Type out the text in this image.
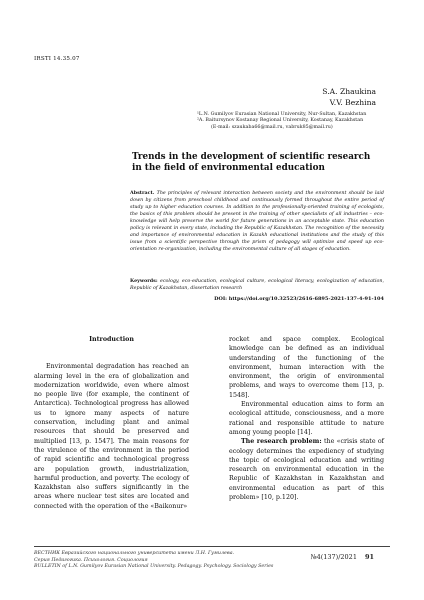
IRSTI 14.35.07
S.A. Zhaukina
V.V. Bezhina
¹L.N. Gumilyov Eurasian National University, Nur-Sultan, Kazakhstan
²A. Baitursynov Kostanay Regional University, Kostanay, Kazakhstan
(E-mail: szaukaba66@mail.ru, vabruk85@mail.ru)
Trends in the development of scientific research in the field of environmental education
Abstract. The principles of relevant interaction between society and the environment should be laid down by citizens from preschool childhood and continuously formed throughout the entire period of study up to higher education courses. In addition to the professionally-oriented training of ecologists, the basics of this problem should be present in the training of other specialists of all industries – eco-knowledge will help preserve the world for future generations in an acceptable state. This education policy is relevant in every state, including the Republic of Kazakhstan. The recognition of the necessity and importance of environmental education in Kazakh educational institutions and the study of this issue from a scientific perspective through the prism of pedagogy will optimize and speed up eco-orientation re-organization, including the environmental culture of all stages of education.
Keywords: ecology, eco-education, ecological culture, ecological literacy, ecologization of education, Republic of Kazakhstan, dissertation research
DOI: https://doi.org/10.32523/2616-6895-2021-137-4-91-104

Introduction

Environmental degradation has reached an alarming level in the era of globalization and modernization worldwide, even where almost no people live (for example, the continent of Antarctica). Technological progress has allowed us to ignore many aspects of nature conservation, including plant and animal resources that should be preserved and multiplied [13, p. 1547]. The main reasons for the virulence of the environment in the period of rapid scientific and technological progress are population growth, industrialization, harmful production, and poverty. The ecology of Kazakhstan also suffers significantly in the areas where nuclear test sites are located and connected with the operation of the «Baikonur»

rocket and space complex. Ecological knowledge can be defined as an individual understanding of the functioning of the environment, human interaction with the environment, the origin of environmental problems, and ways to overcome them [13, p. 1548].

Environmental education aims to form an ecological attitude, consciousness, and a more rational and responsible attitude to nature among young people [14].

The research problem: the «crisis state of ecology determines the expediency of studying the topic of ecological education and writing research on environmental education in the Republic of Kazakhstan in Kazakhstan and environmental education as part of this problem» [10, p.120].

ВЕСТНИК Евразийского национального университета имени Л.Н. Гумилева.
Серия Педагогика. Психология. Социология
BULLETIN of L.N. Gumilyov Eurasian National University. Pedagogy. Psychology. Sociology Series
№4(137)/2021 91
